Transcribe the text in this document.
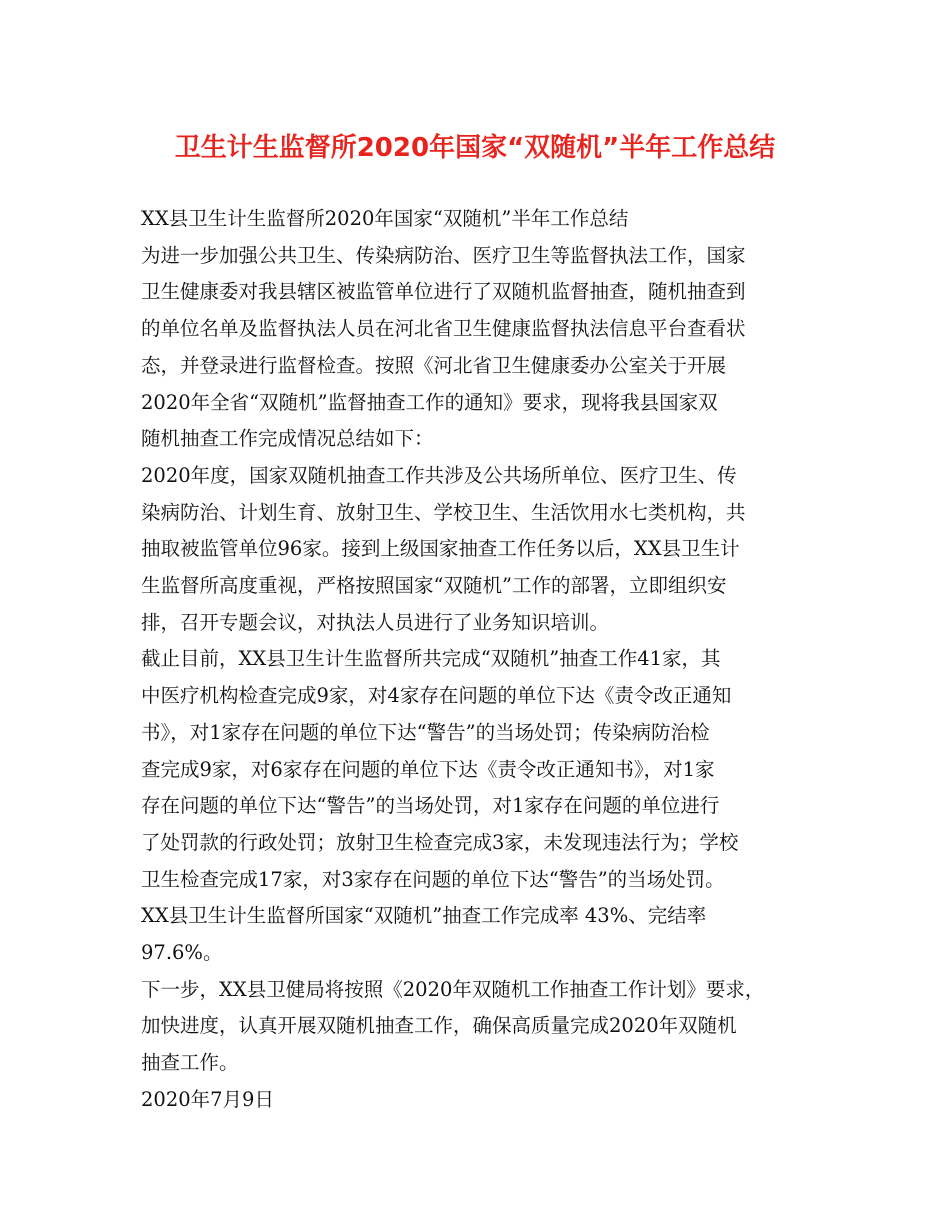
卫生计生监督所2020年国家“双随机”半年工作总结
XX县卫生计生监督所2020年国家“双随机”半年工作总结
为进一步加强公共卫生、传染病防治、医疗卫生等监督执法工作，国家
卫生健康委对我县辖区被监管单位进行了双随机监督抽查，随机抽查到
的单位名单及监督执法人员在河北省卫生健康监督执法信息平台查看状
态，并登录进行监督检查。按照《河北省卫生健康委办公室关于开展
2020年全省“双随机”监督抽查工作的通知》要求，现将我县国家双
随机抽查工作完成情况总结如下：
2020年度，国家双随机抽查工作共涉及公共场所单位、医疗卫生、传
染病防治、计划生育、放射卫生、学校卫生、生活饮用水七类机构，共
抽取被监管单位96家。接到上级国家抽查工作任务以后，XX县卫生计
生监督所高度重视，严格按照国家“双随机”工作的部署，立即组织安
排，召开专题会议，对执法人员进行了业务知识培训。
截止目前，XX县卫生计生监督所共完成“双随机”抽查工作41家，其
中医疗机构检查完成9家，对4家存在问题的单位下达《责令改正通知
书》，对1家存在问题的单位下达“警告”的当场处罚；传染病防治检
查完成9家，对6家存在问题的单位下达《责令改正通知书》，对1家
存在问题的单位下达“警告”的当场处罚，对1家存在问题的单位进行
了处罚款的行政处罚；放射卫生检查完成3家，未发现违法行为；学校
卫生检查完成17家，对3家存在问题的单位下达“警告”的当场处罚。
XX县卫生计生监督所国家“双随机”抽查工作完成率 43%、完结率
97.6%。
下一步，XX县卫健局将按照《2020年双随机工作抽查工作计划》要求，
加快进度，认真开展双随机抽查工作，确保高质量完成2020年双随机
抽查工作。
2020年7月9日
